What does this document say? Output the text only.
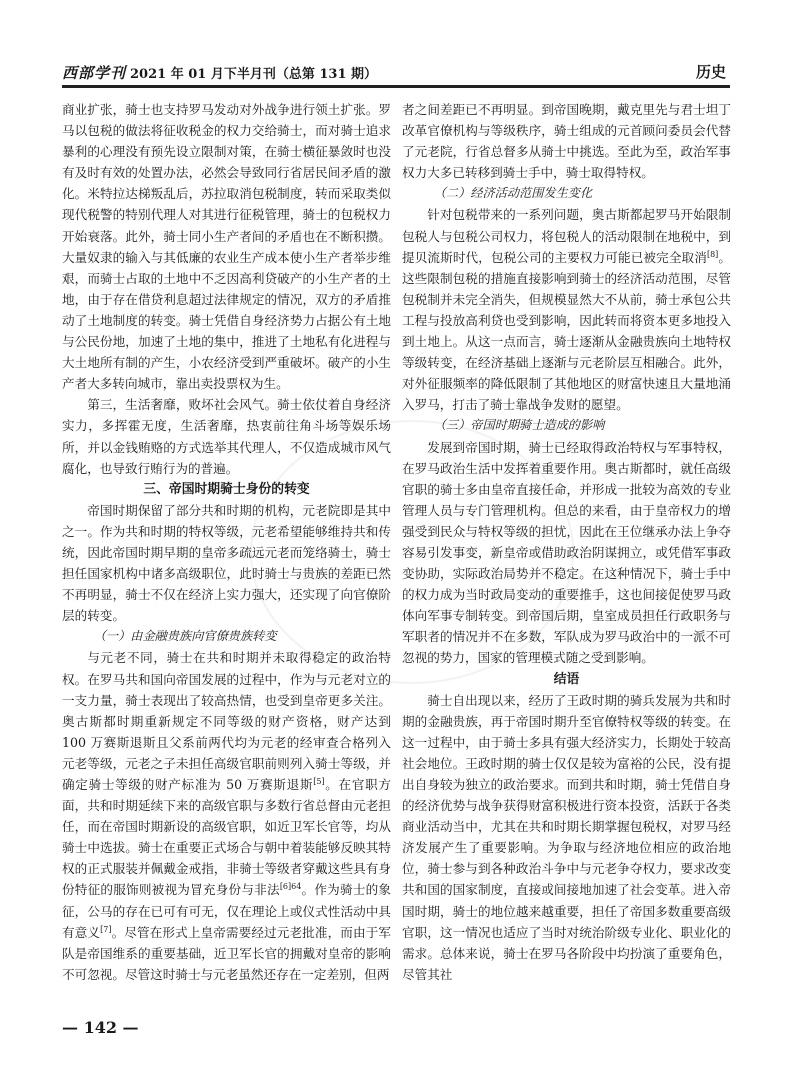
西部学刊 2021 年 01 月下半月刊（总第 131 期）	历史

商业扩张，骑士也支持罗马发动对外战争进行领土扩张。罗马以包税的做法将征收税金的权力交给骑士，而对骑士追求暴利的心理没有预先设立限制对策，在骑士横征暴敛时也没有及时有效的处置办法，必然会导致同行省居民间矛盾的激化。米特拉达梯叛乱后，苏拉取消包税制度，转而采取类似现代税警的特别代理人对其进行征税管理，骑士的包税权力开始衰落。此外，骑士同小生产者间的矛盾也在不断积攒。大量奴隶的输入与其低廉的农业生产成本使小生产者举步维艰，而骑士占取的土地中不乏因高利贷破产的小生产者的土地，由于存在借贷利息超过法律规定的情况，双方的矛盾推动了土地制度的转变。骑士凭借自身经济势力占据公有土地与公民份地，加速了土地的集中，推进了土地私有化进程与大土地所有制的产生，小农经济受到严重破坏。破产的小生产者大多转向城市，靠出卖投票权为生。

第三，生活奢靡，败坏社会风气。骑士依仗着自身经济实力，多挥霍无度，生活奢靡，热衷前往角斗场等娱乐场所，并以金钱贿赂的方式选举其代理人，不仅造成城市风气腐化，也导致行贿行为的普遍。

三、帝国时期骑士身份的转变

帝国时期保留了部分共和时期的机构，元老院即是其中之一。作为共和时期的特权等级，元老希望能够维持共和传统，因此帝国时期早期的皇帝多疏远元老而笼络骑士，骑士担任国家机构中诸多高级职位，此时骑士与贵族的差距已然不再明显，骑士不仅在经济上实力强大，还实现了向官僚阶层的转变。

（一）由金融贵族向官僚贵族转变

与元老不同，骑士在共和时期并未取得稳定的政治特权。在罗马共和国向帝国发展的过程中，作为与元老对立的一支力量，骑士表现出了较高热情，也受到皇帝更多关注。奥古斯都时期重新规定不同等级的财产资格，财产达到 100 万赛斯退斯且父系前两代均为元老的经审查合格列入元老等级，元老之子未担任高级官职前则列入骑士等级，并确定骑士等级的财产标准为 50 万赛斯退斯[5]。在官职方面，共和时期延续下来的高级官职与多数行省总督由元老担任，而在帝国时期新设的高级官职，如近卫军长官等，均从骑士中选拔。骑士在重要正式场合与朝中着装能够反映其特权的正式服装并佩戴金戒指，非骑士等级者穿戴这些具有身份特征的服饰则被视为冒充身份与非法$^{[6]64}$。作为骑士的象征，公马的存在已可有可无，仅在理论上或仪式性活动中具有意义[7]。尽管在形式上皇帝需要经过元老批准，而由于军队是帝国维系的重要基础，近卫军长官的拥戴对皇帝的影响不可忽视。尽管这时骑士与元老虽然还存在一定差别，但两

者之间差距已不再明显。到帝国晚期，戴克里先与君士坦丁改革官僚机构与等级秩序，骑士组成的元首顾问委员会代替了元老院，行省总督多从骑士中挑选。至此为至，政治军事权力大多已转移到骑士手中，骑士取得特权。

（二）经济活动范围发生变化

针对包税带来的一系列问题，奥古斯都起罗马开始限制包税人与包税公司权力，将包税人的活动限制在地税中，到提贝流斯时代，包税公司的主要权力可能已被完全取消[8]。这些限制包税的措施直接影响到骑士的经济活动范围，尽管包税制并未完全消失，但规模显然大不从前，骑士承包公共工程与投放高利贷也受到影响，因此转而将资本更多地投入到土地上。从这一点而言，骑士逐渐从金融贵族向土地特权等级转变，在经济基础上逐渐与元老阶层互相融合。此外，对外征服频率的降低限制了其他地区的财富快速且大量地涌入罗马，打击了骑士靠战争发财的愿望。

（三）帝国时期骑士造成的影响

发展到帝国时期，骑士已经取得政治特权与军事特权，在罗马政治生活中发挥着重要作用。奥古斯都时，就任高级官职的骑士多由皇帝直接任命，并形成一批较为高效的专业管理人员与专门管理机构。但总的来看，由于皇帝权力的增强受到民众与特权等级的担忧，因此在王位继承办法上争夺容易引发事变，新皇帝或借助政治阴谋拥立，或凭借军事政变协助，实际政治局势并不稳定。在这种情况下，骑士手中的权力成为当时政局变动的重要推手，这也间接促使罗马政体向军事专制转变。到帝国后期，皇室成员担任行政职务与军职者的情况并不在多数，军队成为罗马政治中的一派不可忽视的势力，国家的管理模式随之受到影响。

结语

骑士自出现以来，经历了王政时期的骑兵发展为共和时期的金融贵族，再于帝国时期升至官僚特权等级的转变。在这一过程中，由于骑士多具有强大经济实力，长期处于较高社会地位。王政时期的骑士仅仅是较为富裕的公民，没有提出自身较为独立的政治要求。而到共和时期，骑士凭借自身的经济优势与战争获得财富积极进行资本投资，活跃于各类商业活动当中，尤其在共和时期长期掌握包税权，对罗马经济发展产生了重要影响。为争取与经济地位相应的政治地位，骑士参与到各种政治斗争中与元老争夺权力，要求改变共和国的国家制度，直接或间接地加速了社会变革。进入帝国时期，骑士的地位越来越重要，担任了帝国多数重要高级官职，这一情况也适应了当时对统治阶级专业化、职业化的需求。总体来说，骑士在罗马各阶段中均扮演了重要角色，尽管其社

— 142 —
